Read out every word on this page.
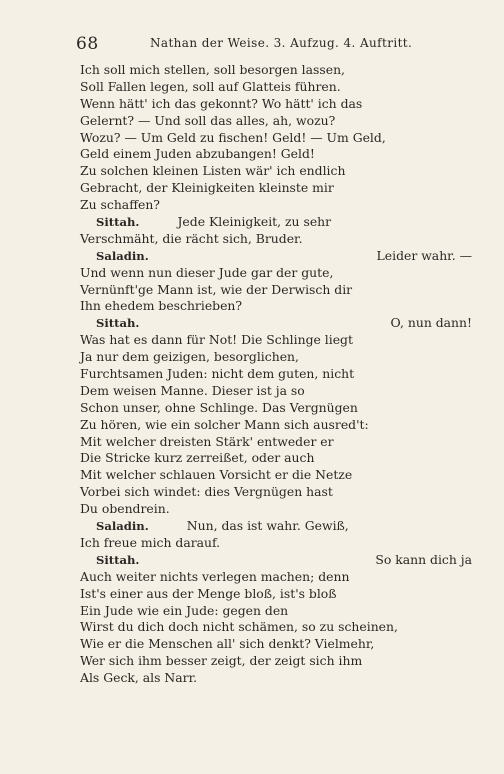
68	Nathan der Weise. 3. Aufzug. 4. Auftritt.
Ich soll mich stellen, soll besorgen lassen,
Soll Fallen legen, soll auf Glatteis führen.
Wenn hätt' ich das gekonnt? Wo hätt' ich das
Gelernt? — Und soll das alles, ah, wozu?
Wozu? — Um Geld zu fischen! Geld! — Um Geld,
Geld einem Juden abzubangen! Geld!
Zu solchen kleinen Listen wär' ich endlich
Gebracht, der Kleinigkeiten kleinste mir
Zu schaffen?
Sittah.	Jede Kleinigkeit, zu sehr
Verschmäht, die rächt sich, Bruder.
Saladin.	Leider wahr. —
Und wenn nun dieser Jude gar der gute,
Vernünft'ge Mann ist, wie der Derwisch dir
Ihn ehedem beschrieben?
Sittah.	O, nun dann!
Was hat es dann für Not! Die Schlinge liegt
Ja nur dem geizigen, besorglichen,
Furchtsamen Juden: nicht dem guten, nicht
Dem weisen Manne. Dieser ist ja so
Schon unser, ohne Schlinge. Das Vergnügen
Zu hören, wie ein solcher Mann sich ausred't:
Mit welcher dreisten Stärk' entweder er
Die Stricke kurz zerreißet, oder auch
Mit welcher schlauen Vorsicht er die Netze
Vorbei sich windet: dies Vergnügen hast
Du obendrein.
Saladin.	Nun, das ist wahr. Gewiß,
Ich freue mich darauf.
Sittah.	So kann dich ja
Auch weiter nichts verlegen machen; denn
Ist's einer aus der Menge bloß, ist's bloß
Ein Jude wie ein Jude: gegen den
Wirst du dich doch nicht schämen, so zu scheinen,
Wie er die Menschen all' sich denkt? Vielmehr,
Wer sich ihm besser zeigt, der zeigt sich ihm
Als Geck, als Narr.
